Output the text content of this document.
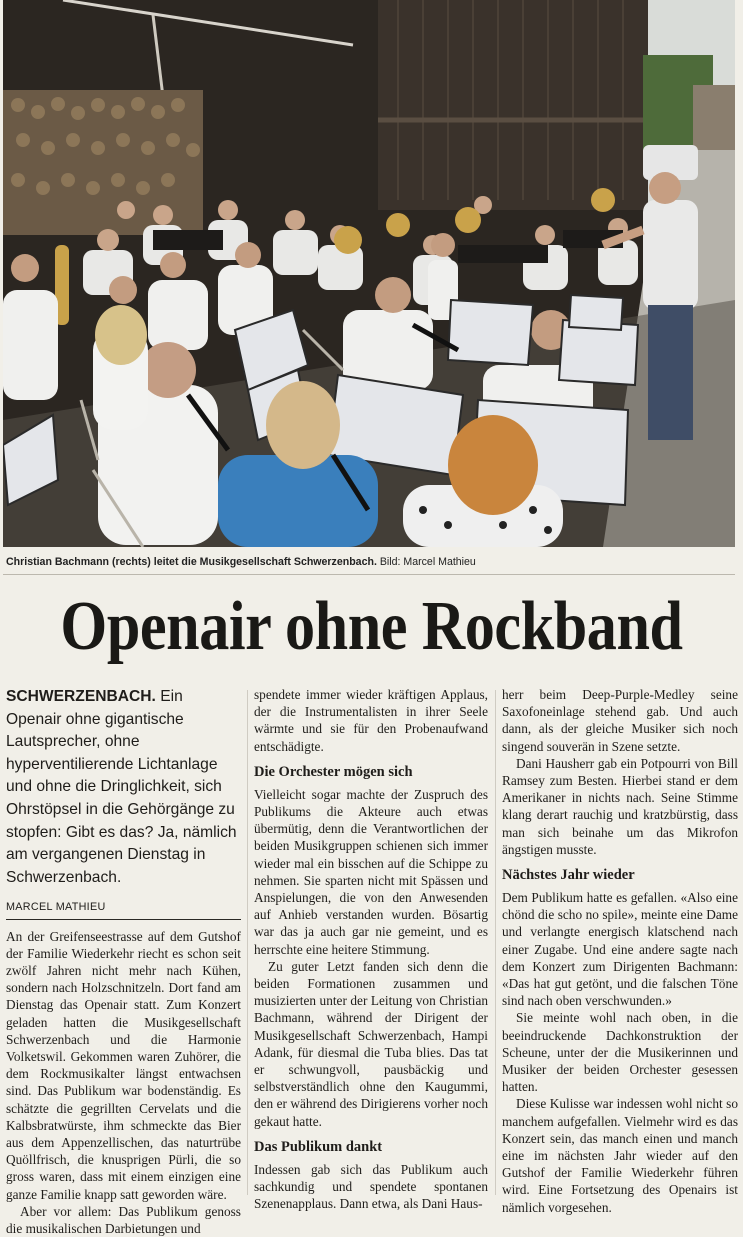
Christian Bachmann (rechts) leitet die Musikgesellschaft Schwerzenbach. Bild: Marcel Mathieu
Openair ohne Rockband
SCHWERZENBACH. Ein Openair ohne gigantische Lautsprecher, ohne hyperventilierende Lichtanlage und ohne die Dringlichkeit, sich Ohrstöpsel in die Gehörgänge zu stopfen: Gibt es das? Ja, nämlich am vergangenen Dienstag in Schwerzenbach.
MARCEL MATHIEU

An der Greifenseestrasse auf dem Gutshof der Familie Wiederkehr riecht es schon seit zwölf Jahren nicht mehr nach Kühen, sondern nach Holzschnitzeln. Dort fand am Dienstag das Openair statt. Zum Konzert geladen hatten die Musikgesellschaft Schwerzenbach und die Harmonie Volketswil. Gekommen waren Zuhörer, die dem Rockmusikalter längst entwachsen sind. Das Publikum war bodenständig. Es schätzte die gegrillten Cervelats und die Kalbsbratwürste, ihm schmeckte das Bier aus dem Appenzellischen, das naturtrübe Quöllfrisch, die knusprigen Pürli, die so gross waren, dass mit einem einzigen eine ganze Familie knapp satt geworden wäre.

Aber vor allem: Das Publikum genoss die musikalischen Darbietungen und

spendete immer wieder kräftigen Applaus, der die Instrumentalisten in ihrer Seele wärmte und sie für den Probenaufwand entschädigte.

Die Orchester mögen sich

Vielleicht sogar machte der Zuspruch des Publikums die Akteure auch etwas übermütig, denn die Verantwortlichen der beiden Musikgruppen schienen sich immer wieder mal ein bisschen auf die Schippe zu nehmen. Sie sparten nicht mit Spässen und Anspielungen, die von den Anwesenden auf Anhieb verstanden wurden. Bösartig war das ja auch gar nie gemeint, und es herrschte eine heitere Stimmung.

Zu guter Letzt fanden sich denn die beiden Formationen zusammen und musizierten unter der Leitung von Christian Bachmann, während der Dirigent der Musikgesellschaft Schwerzenbach, Hampi Adank, für diesmal die Tuba blies. Das tat er schwungvoll, pausbäckig und selbstverständlich ohne den Kaugummi, den er während des Dirigierens vorher noch gekaut hatte.

Das Publikum dankt

Indessen gab sich das Publikum auch sachkundig und spendete spontanen Szenenapplaus. Dann etwa, als Dani Haus-

herr beim Deep-Purple-Medley seine Saxofoneinlage stehend gab. Und auch dann, als der gleiche Musiker sich noch singend souverän in Szene setzte.

Dani Hausherr gab ein Potpourri von Bill Ramsey zum Besten. Hierbei stand er dem Amerikaner in nichts nach. Seine Stimme klang derart rauchig und kratzbürstig, dass man sich beinahe um das Mikrofon ängstigen musste.

Nächstes Jahr wieder

Dem Publikum hatte es gefallen. «Also eine chönd die scho no spile», meinte eine Dame und verlangte energisch klatschend nach einer Zugabe. Und eine andere sagte nach dem Konzert zum Dirigenten Bachmann: «Das hat gut getönt, und die falschen Töne sind nach oben verschwunden.»

Sie meinte wohl nach oben, in die beeindruckende Dachkonstruktion der Scheune, unter der die Musikerinnen und Musiker der beiden Orchester gesessen hatten.

Diese Kulisse war indessen wohl nicht so manchem aufgefallen. Vielmehr wird es das Konzert sein, das manch einen und manch eine im nächsten Jahr wieder auf den Gutshof der Familie Wiederkehr führen wird. Eine Fortsetzung des Openairs ist nämlich vorgesehen.
